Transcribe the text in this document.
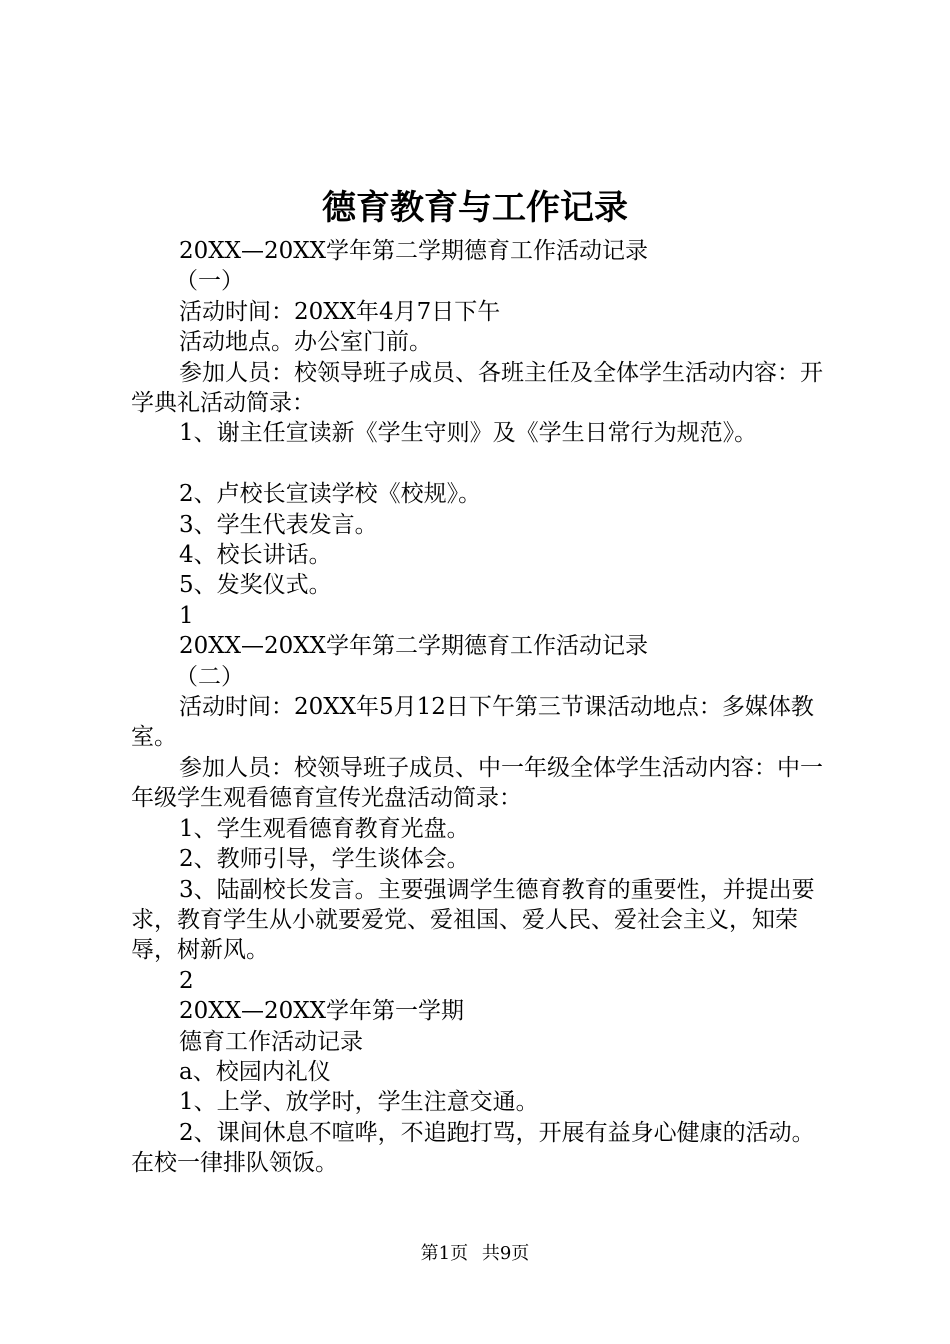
德育教育与工作记录

20XX—20XX学年第二学期德育工作活动记录

（一）

活动时间：20XX年4月7日下午

活动地点。办公室门前。

参加人员：校领导班子成员、各班主任及全体学生活动内容：开学典礼活动简录：

1、谢主任宣读新《学生守则》及《学生日常行为规范》。

2、卢校长宣读学校《校规》。

3、学生代表发言。

4、校长讲话。

5、发奖仪式。

1

20XX—20XX学年第二学期德育工作活动记录

（二）

活动时间：20XX年5月12日下午第三节课活动地点：多媒体教室。

参加人员：校领导班子成员、中一年级全体学生活动内容：中一年级学生观看德育宣传光盘活动简录：

1、学生观看德育教育光盘。

2、教师引导，学生谈体会。

3、陆副校长发言。主要强调学生德育教育的重要性，并提出要求，教育学生从小就要爱党、爱祖国、爱人民、爱社会主义，知荣辱，树新风。

2

20XX—20XX学年第一学期

德育工作活动记录

a、校园内礼仪

1、上学、放学时，学生注意交通。

2、课间休息不喧哗，不追跑打骂，开展有益身心健康的活动。在校一律排队领饭。

第1页 共9页
